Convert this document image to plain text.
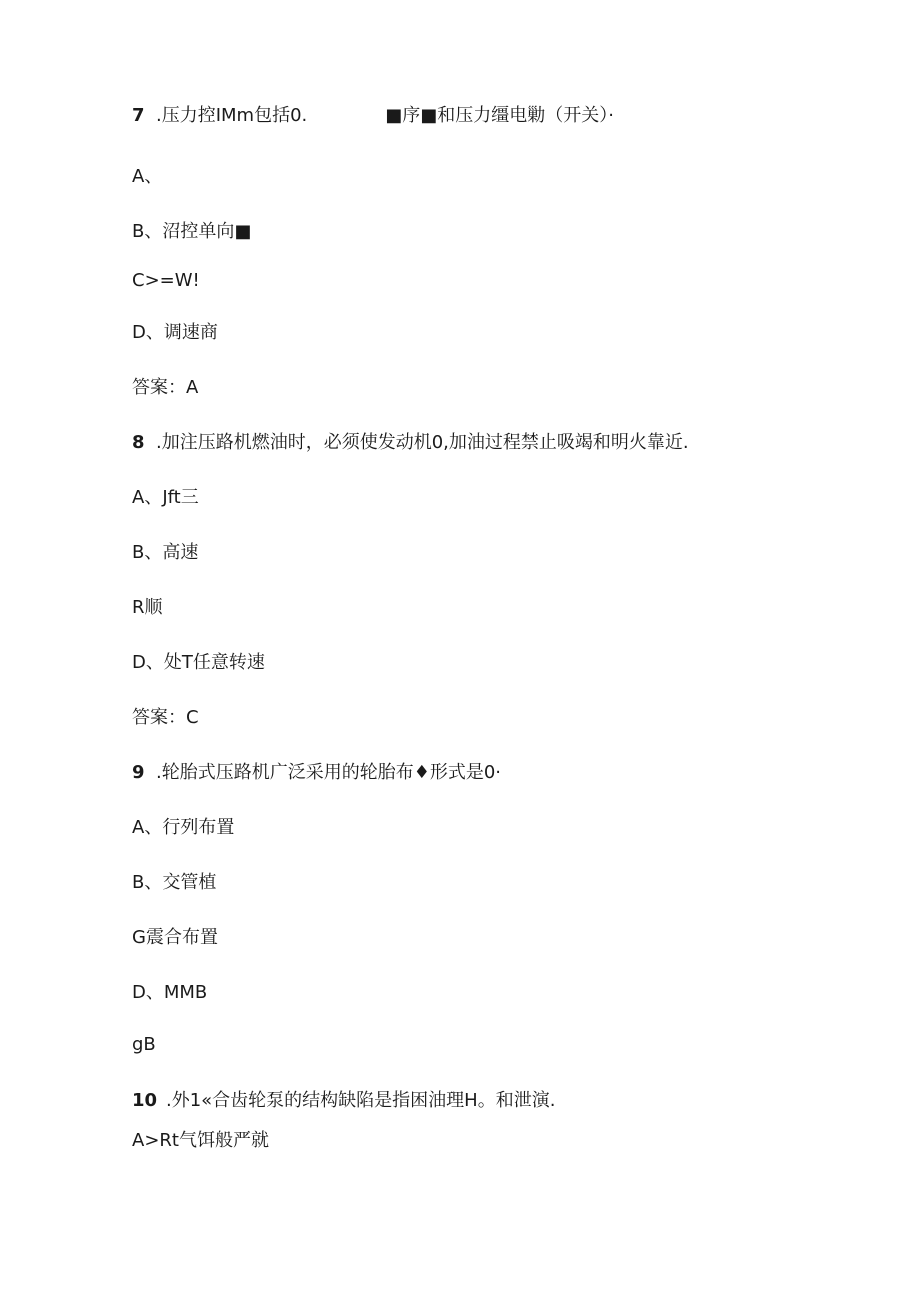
7 .压力控IMm包括0.	■序■和压力缰电勦（开关）·
A、
B、沼控单向■
C>=W!
D、调速商
答案：A
8 .加注压路机燃油时，必须使发动机0,加油过程禁止吸竭和明火靠近.
A、Jft三
B、高速
R顺
D、处T任意转速
答案：C
9 .轮胎式压路机广泛采用的轮胎布♦形式是0·
A、行列布置
B、交管植
G震合布置
D、MMB
gB
10 .外1«合齿轮泵的结构缺陷是指困油理H。和泄演.
A>Rt气饵般严就
